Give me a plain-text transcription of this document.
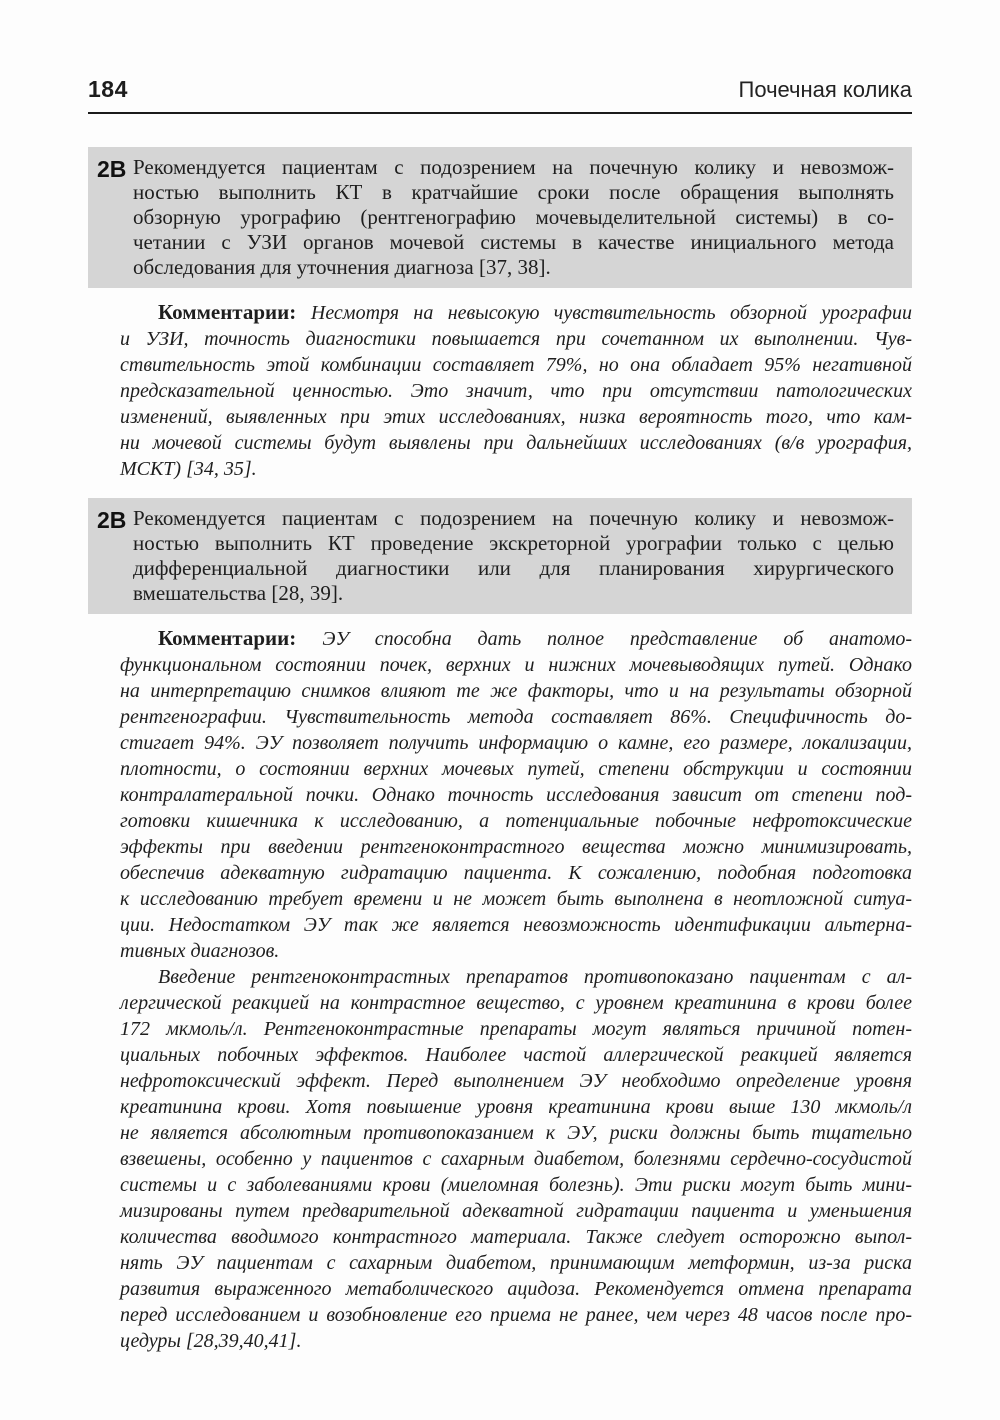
184	Почечная колика
2B Рекомендуется пациентам с подозрением на почечную колику и невозмож-
ностью выполнить КТ в кратчайшие сроки после обращения выполнять
обзорную урографию (рентгенографию мочевыделительной системы) в со-
четании с УЗИ органов мочевой системы в качестве инициального метода
обследования для уточнения диагноза [37, 38].
Комментарии: Несмотря на невысокую чувствительность обзорной урографии
и УЗИ, точность диагностики повышается при сочетанном их выполнении. Чув-
ствительность этой комбинации составляет 79%, но она обладает 95% негативной
предсказательной ценностью. Это значит, что при отсутствии патологических
изменений, выявленных при этих исследованиях, низка вероятность того, что кам-
ни мочевой системы будут выявлены при дальнейших исследованиях (в/в урография,
МСКТ) [34, 35].
2B Рекомендуется пациентам с подозрением на почечную колику и невозмож-
ностью выполнить КТ проведение экскреторной урографии только с целью
дифференциальной диагностики или для планирования хирургического
вмешательства [28, 39].
Комментарии: ЭУ способна дать полное представление об анатомо-
функциональном состоянии почек, верхних и нижних мочевыводящих путей. Однако
на интерпретацию снимков влияют те же факторы, что и на результаты обзорной
рентгенографии. Чувствительность метода составляет 86%. Специфичность до-
стигает 94%. ЭУ позволяет получить информацию о камне, его размере, локализации,
плотности, о состоянии верхних мочевых путей, степени обструкции и состоянии
контралатеральной почки. Однако точность исследования зависит от степени под-
готовки кишечника к исследованию, а потенциальные побочные нефротоксические
эффекты при введении рентгеноконтрастного вещества можно минимизировать,
обеспечив адекватную гидратацию пациента. К сожалению, подобная подготовка
к исследованию требует времени и не может быть выполнена в неотложной ситуа-
ции. Недостатком ЭУ так же является невозможность идентификации альтерна-
тивных диагнозов.
Введение рентгеноконтрастных препаратов противопоказано пациентам с ал-
лергической реакцией на контрастное вещество, с уровнем креатинина в крови более
172 мкмоль/л. Рентгеноконтрастные препараты могут являться причиной потен-
циальных побочных эффектов. Наиболее частой аллергической реакцией является
нефротоксический эффект. Перед выполнением ЭУ необходимо определение уровня
креатинина крови. Хотя повышение уровня креатинина крови выше 130 мкмоль/л
не является абсолютным противопоказанием к ЭУ, риски должны быть тщательно
взвешены, особенно у пациентов с сахарным диабетом, болезнями сердечно-сосудистой
системы и с заболеваниями крови (миеломная болезнь). Эти риски могут быть мини-
мизированы путем предварительной адекватной гидратации пациента и уменьшения
количества вводимого контрастного материала. Также следует осторожно выпол-
нять ЭУ пациентам с сахарным диабетом, принимающим метформин, из-за риска
развития выраженного метаболического ацидоза. Рекомендуется отмена препарата
перед исследованием и возобновление его приема не ранее, чем через 48 часов после про-
цедуры [28,39,40,41].
